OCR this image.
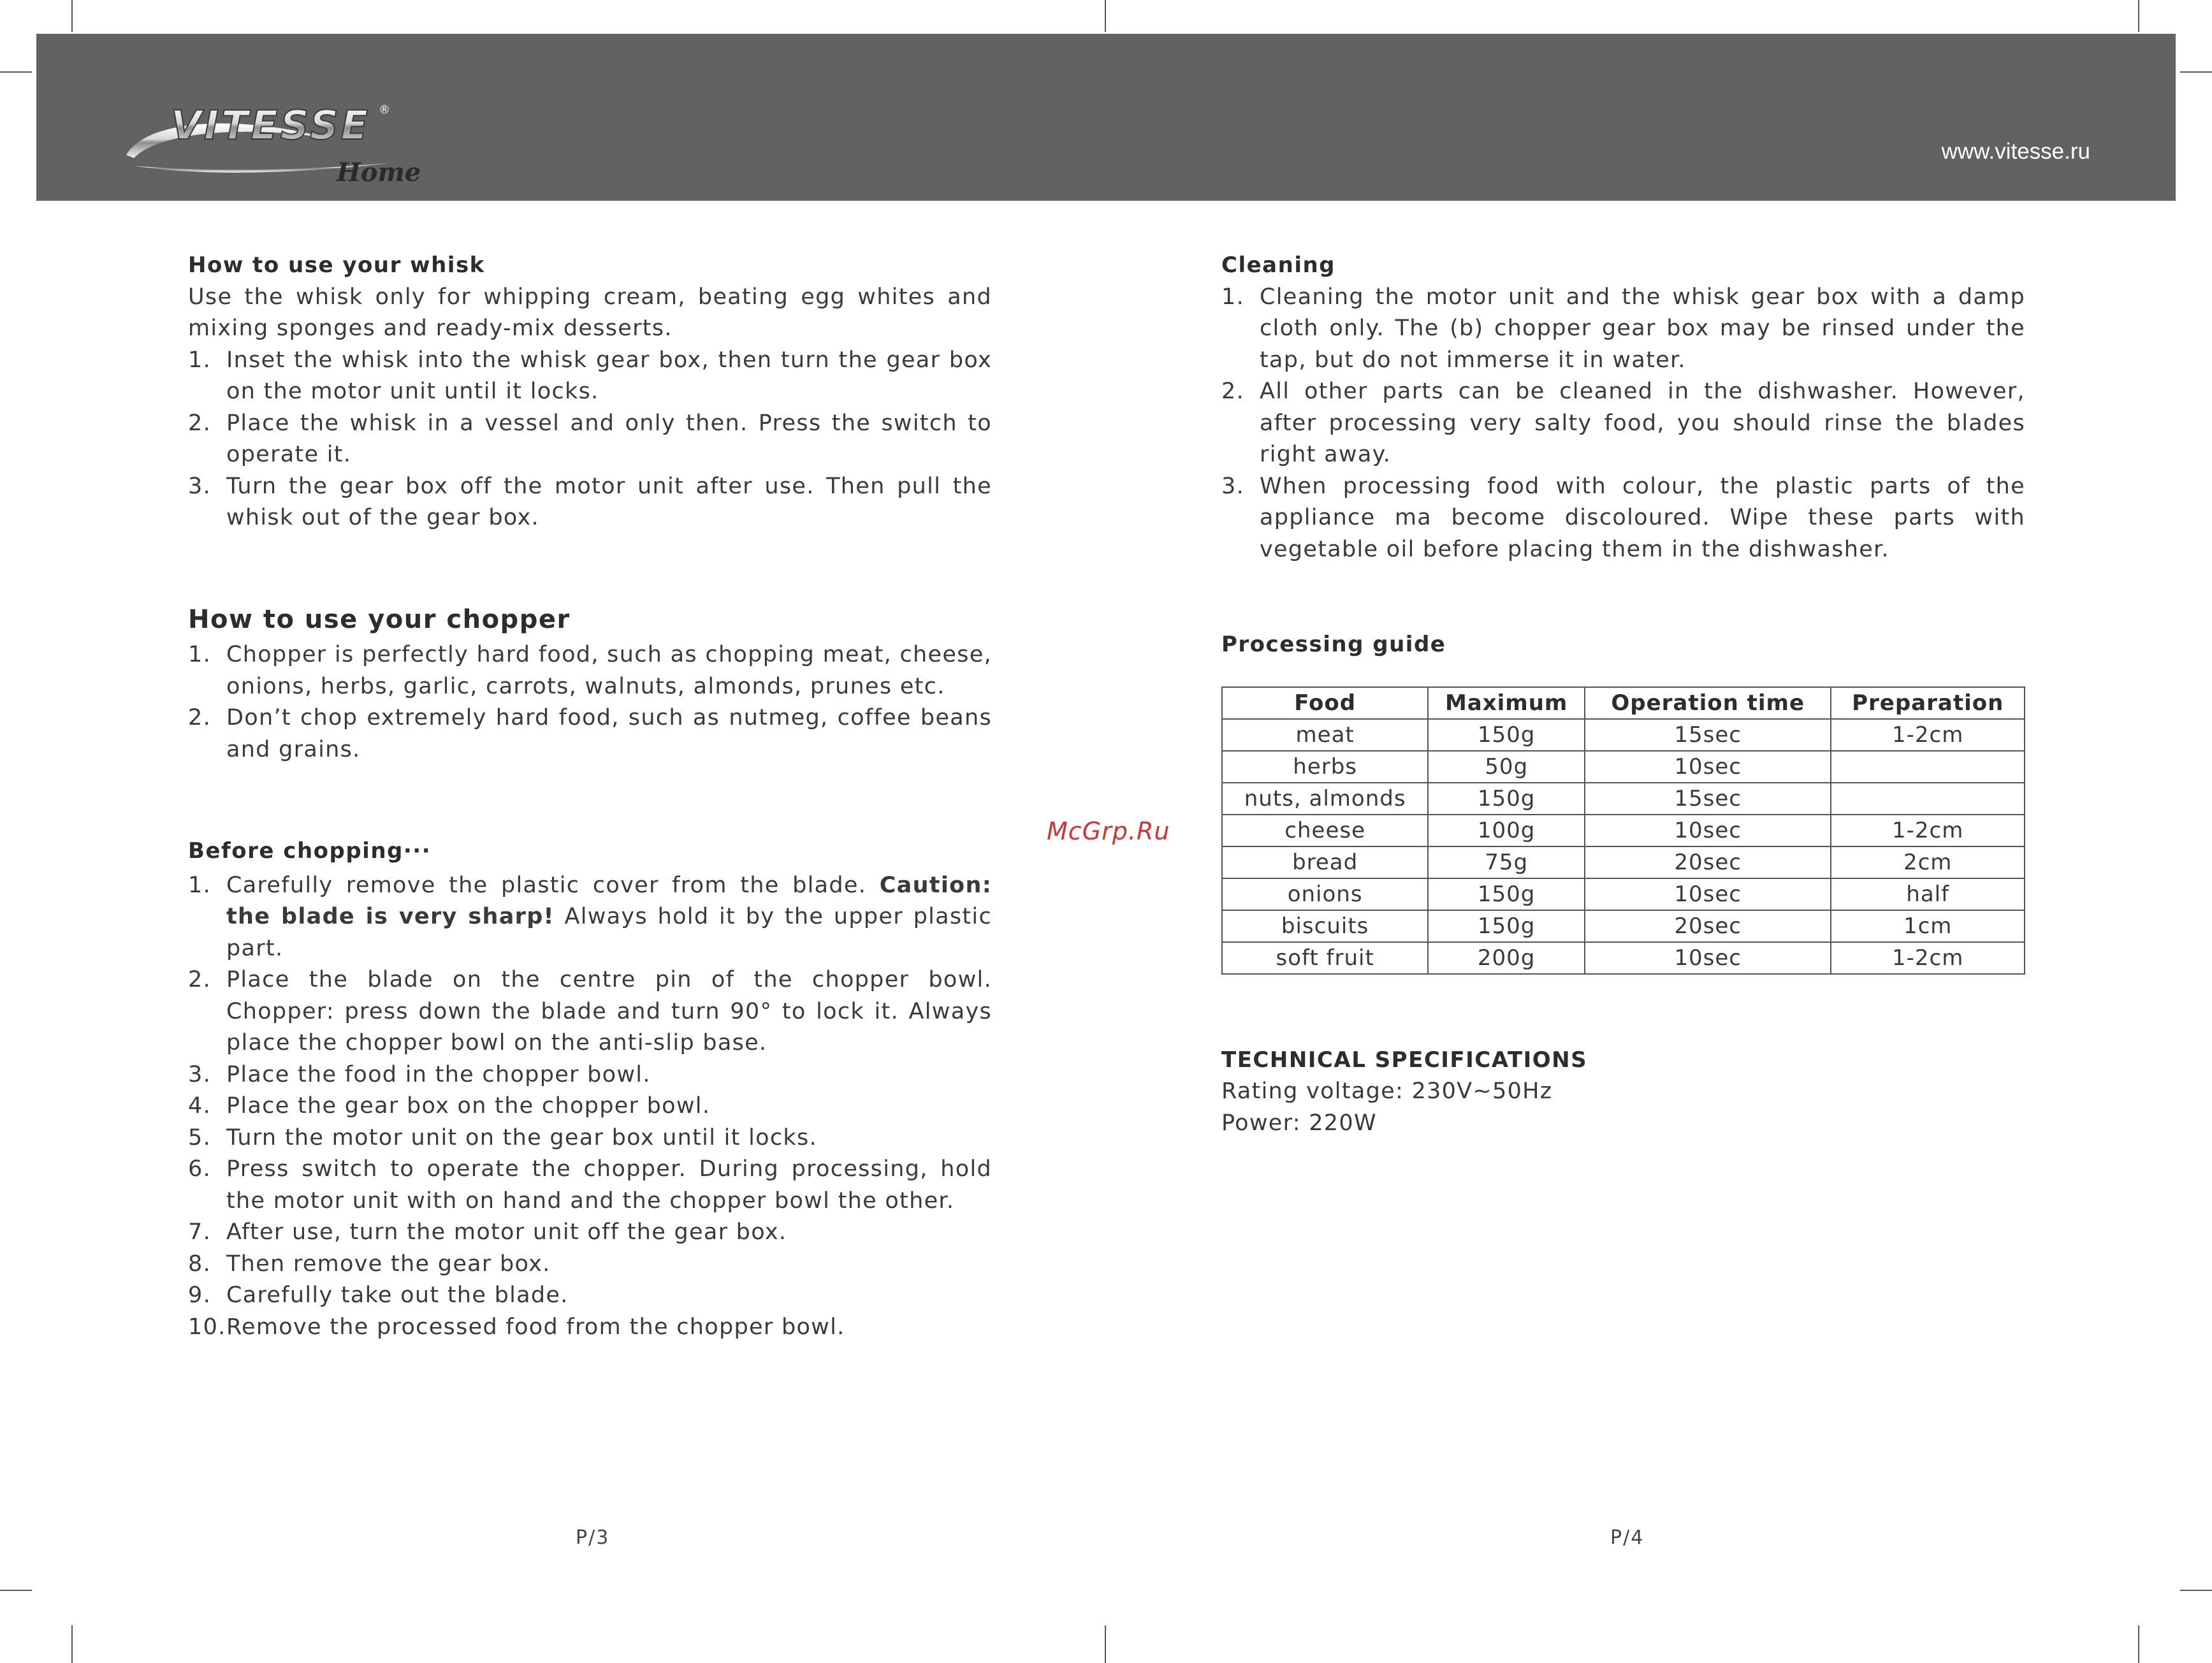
VITESSE ®
Home
www.vitesse.ru
How to use your whisk
Use the whisk only for whipping cream, beating egg whites and mixing sponges and ready-mix desserts.
1. Inset the whisk into the whisk gear box, then turn the gear box on the motor unit until it locks.
2. Place the whisk in a vessel and only then. Press the switch to operate it.
3. Turn the gear box off the motor unit after use. Then pull the whisk out of the gear box.
How to use your chopper
1. Chopper is perfectly hard food, such as chopping meat, cheese, onions, herbs, garlic, carrots, walnuts, almonds, prunes etc.
2. Don’t chop extremely hard food, such as nutmeg, coffee beans and grains.
Before chopping···
1. Carefully remove the plastic cover from the blade. Caution: the blade is very sharp! Always hold it by the upper plastic part.
2. Place the blade on the centre pin of the chopper bowl. Chopper: press down the blade and turn 90° to lock it. Always place the chopper bowl on the anti-slip base.
3. Place the food in the chopper bowl.
4. Place the gear box on the chopper bowl.
5. Turn the motor unit on the gear box until it locks.
6. Press switch to operate the chopper. During processing, hold the motor unit with on hand and the chopper bowl the other.
7. After use, turn the motor unit off the gear box.
8. Then remove the gear box.
9. Carefully take out the blade.
10. Remove the processed food from the chopper bowl.
McGrp.Ru
Cleaning
1. Cleaning the motor unit and the whisk gear box with a damp cloth only. The (b) chopper gear box may be rinsed under the tap, but do not immerse it in water.
2. All other parts can be cleaned in the dishwasher. However, after processing very salty food, you should rinse the blades right away.
3. When processing food with colour, the plastic parts of the appliance ma become discoloured. Wipe these parts with vegetable oil before placing them in the dishwasher.
Processing guide
Food	Maximum	Operation time	Preparation
meat	150g	15sec	1-2cm
herbs	50g	10sec	
nuts, almonds	150g	15sec	
cheese	100g	10sec	1-2cm
bread	75g	20sec	2cm
onions	150g	10sec	half
biscuits	150g	20sec	1cm
soft fruit	200g	10sec	1-2cm
TECHNICAL SPECIFICATIONS
Rating voltage: 230V~50Hz
Power: 220W
P/3	P/4
